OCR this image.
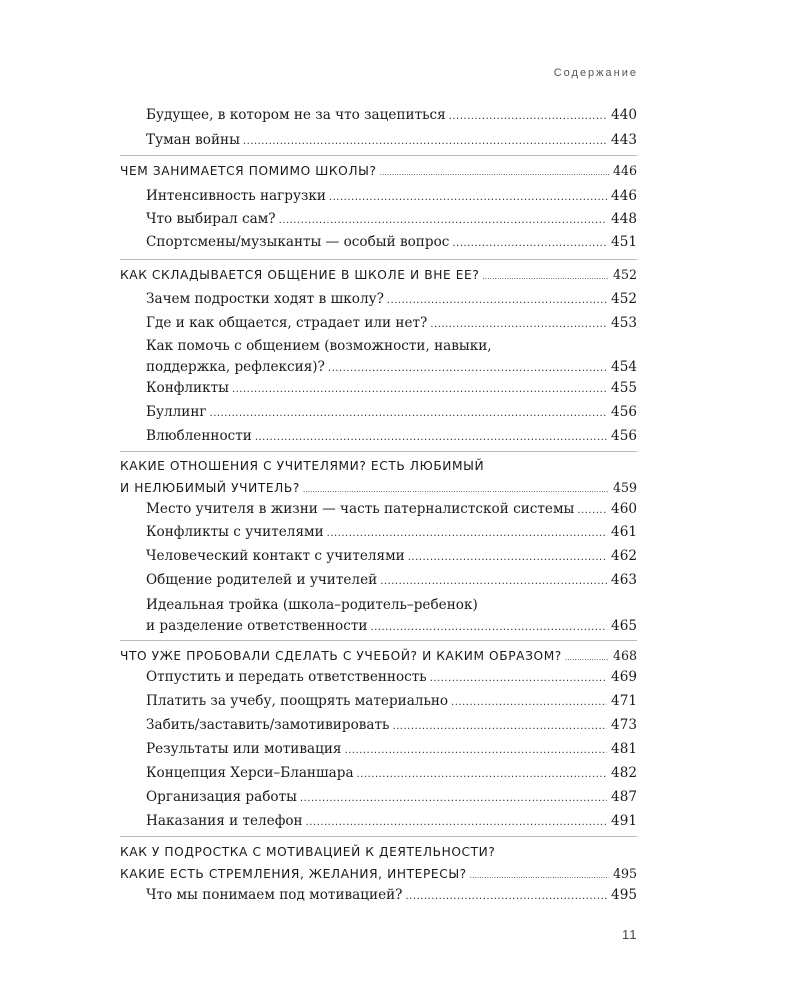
Содержание
Будущее, в котором не за что зацепиться .....	440
Туман войны .....	443
ЧЕМ ЗАНИМАЕТСЯ ПОМИМО ШКОЛЫ? .....	446
Интенсивность нагрузки .....	446
Что выбирал сам? .....	448
Спортсмены/музыканты — особый вопрос .....	451
КАК СКЛАДЫВАЕТСЯ ОБЩЕНИЕ В ШКОЛЕ И ВНЕ ЕЕ? .....	452
Зачем подростки ходят в школу? .....	452
Где и как общается, страдает или нет? .....	453
Как помочь с общением (возможности, навыки,
поддержка, рефлексия)? .....	454
Конфликты .....	455
Буллинг .....	456
Влюбленности .....	456
КАКИЕ ОТНОШЕНИЯ С УЧИТЕЛЯМИ? ЕСТЬ ЛЮБИМЫЙ
И НЕЛЮБИМЫЙ УЧИТЕЛЬ? .....	459
Место учителя в жизни — часть патерналистской системы .....	460
Конфликты с учителями .....	461
Человеческий контакт с учителями .....	462
Общение родителей и учителей .....	463
Идеальная тройка (школа–родитель–ребенок)
и разделение ответственности .....	465
ЧТО УЖЕ ПРОБОВАЛИ СДЕЛАТЬ С УЧЕБОЙ? И КАКИМ ОБРАЗОМ? .....	468
Отпустить и передать ответственность .....	469
Платить за учебу, поощрять материально .....	471
Забить/заставить/замотивировать .....	473
Результаты или мотивация .....	481
Концепция Херси–Бланшара .....	482
Организация работы .....	487
Наказания и телефон .....	491
КАК У ПОДРОСТКА С МОТИВАЦИЕЙ К ДЕЯТЕЛЬНОСТИ?
КАКИЕ ЕСТЬ СТРЕМЛЕНИЯ, ЖЕЛАНИЯ, ИНТЕРЕСЫ? .....	495
Что мы понимаем под мотивацией? .....	495
11
